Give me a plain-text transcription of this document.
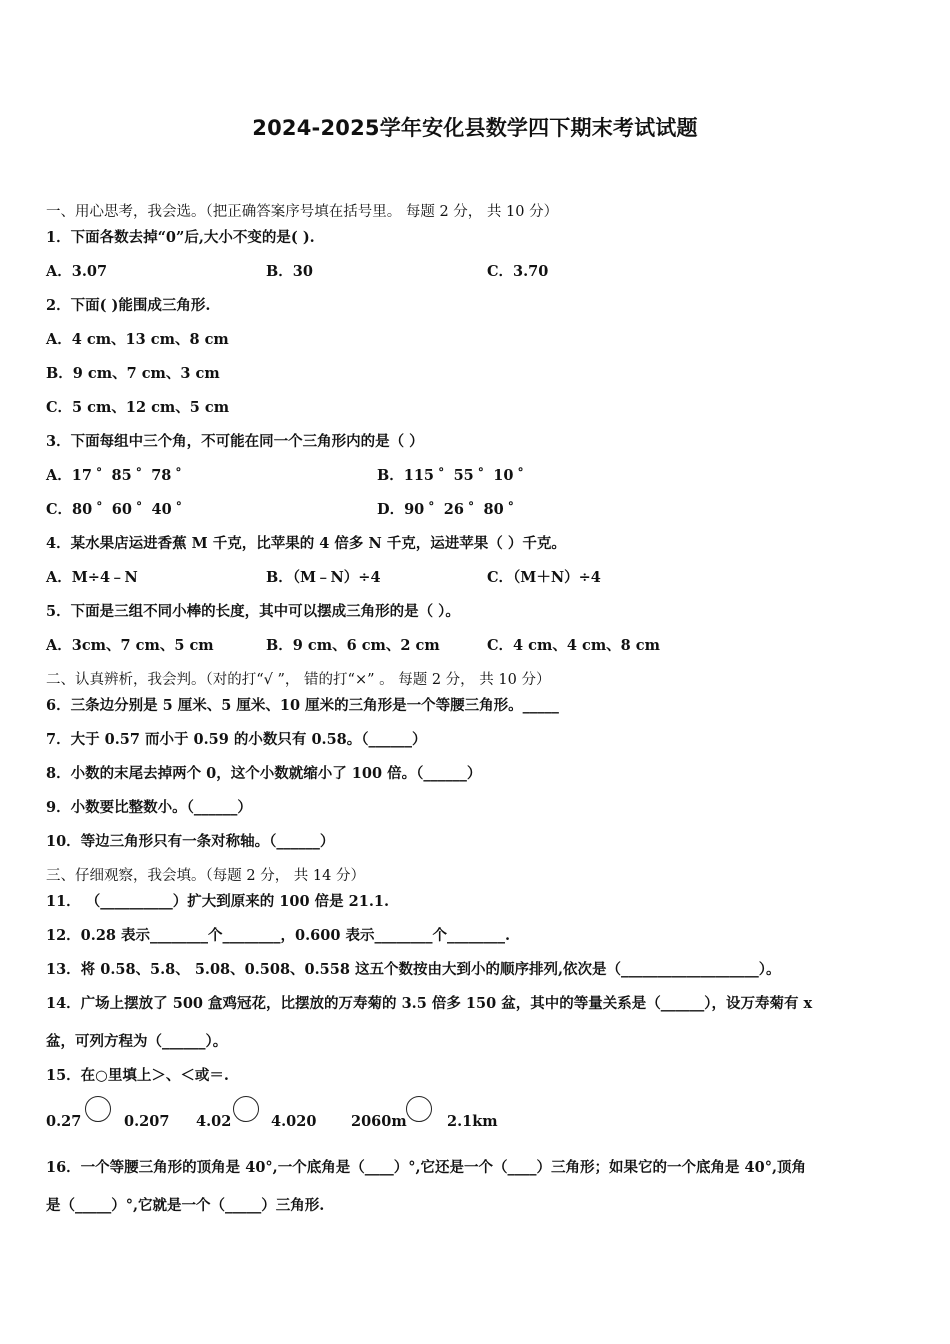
2024-2025学年安化县数学四下期末考试试题
一、用心思考，我会选。（把正确答案序号填在括号里。 每题 2 分， 共 10 分）
1．下面各数去掉“0”后,大小不变的是( ).
A．3.07	B．30	C．3.70
2．下面( )能围成三角形.
A．4 cm、13 cm、8 cm
B．9 cm、7 cm、3 cm
C．5 cm、12 cm、5 cm
3．下面每组中三个角，不可能在同一个三角形内的是（ ）
A．17 ゜85 ゜78 ゜	B．115 ゜55 ゜10 ゜
C．80 ゜60 ゜40 ゜	D．90 ゜26 ゜80 ゜
4．某水果店运进香蕉 M 千克，比苹果的 4 倍多 N 千克，运进苹果（ ）千克。
A．M÷4﹣N	B．（M﹣N）÷4	C．（M＋N）÷4
5．下面是三组不同小棒的长度，其中可以摆成三角形的是（ ）。
A．3cm、7 cm、5 cm	B．9 cm、6 cm、2 cm	C．4 cm、4 cm、8 cm
二、认真辨析，我会判。（对的打“√ ”， 错的打“×” 。 每题 2 分， 共 10 分）
6．三条边分别是 5 厘米、5 厘米、10 厘米的三角形是一个等腰三角形。_____
7．大于 0.57 而小于 0.59 的小数只有 0.58。（______）
8．小数的末尾去掉两个 0，这个小数就缩小了 100 倍。（______）
9．小数要比整数小。（______）
10．等边三角形只有一条对称轴。（______）
三、仔细观察，我会填。（每题 2 分， 共 14 分）
11． （__________）扩大到原来的 100 倍是 21.1.
12．0.28 表示________个________，0.600 表示________个________.
13．将 0.58、5.8、 5.08、0.508、0.558 这五个数按由大到小的顺序排列,依次是（___________________）。
14．广场上摆放了 500 盒鸡冠花，比摆放的万寿菊的 3.5 倍多 150 盆，其中的等量关系是（______），设万寿菊有 x
盆，可列方程为（______）。
15．在○里填上＞、＜或＝.
0.27	0.207 4.02	4.020 2060m	2.1km
16．一个等腰三角形的顶角是 40°,一个底角是（____）°,它还是一个（____）三角形；如果它的一个底角是 40°,顶角
是（_____）°,它就是一个（_____）三角形.
